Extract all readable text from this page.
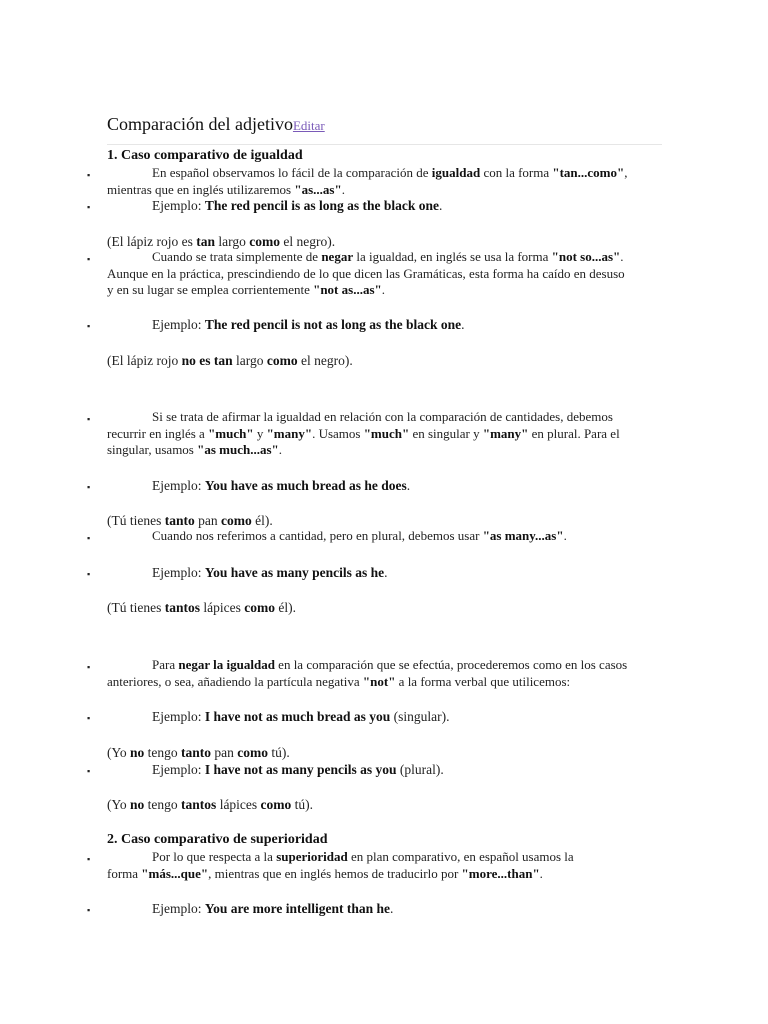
Comparación del adjetivoEditar
1. Caso comparativo de igualdad
▪	En español observamos lo fácil de la comparación de igualdad con la forma "tan...como",
mientras que en inglés utilizaremos "as...as".
▪	Ejemplo: The red pencil is as long as the black one.
(El lápiz rojo es tan largo como el negro).
▪	Cuando se trata simplemente de negar la igualdad, en inglés se usa la forma "not so...as".
Aunque en la práctica, prescindiendo de lo que dicen las Gramáticas, esta forma ha caído en desuso
y en su lugar se emplea corrientemente "not as...as".
▪	Ejemplo: The red pencil is not as long as the black one.
(El lápiz rojo no es tan largo como el negro).
▪	Si se trata de afirmar la igualdad en relación con la comparación de cantidades, debemos
recurrir en inglés a "much" y "many". Usamos "much" en singular y "many" en plural. Para el
singular, usamos "as much...as".
▪	Ejemplo: You have as much bread as he does.
(Tú tienes tanto pan como él).
▪	Cuando nos referimos a cantidad, pero en plural, debemos usar "as many...as".
▪	Ejemplo: You have as many pencils as he.
(Tú tienes tantos lápices como él).
▪	Para negar la igualdad en la comparación que se efectúa, procederemos como en los casos
anteriores, o sea, añadiendo la partícula negativa "not" a la forma verbal que utilicemos:
▪	Ejemplo: I have not as much bread as you (singular).
(Yo no tengo tanto pan como tú).
▪	Ejemplo: I have not as many pencils as you (plural).
(Yo no tengo tantos lápices como tú).
2. Caso comparativo de superioridad
▪	Por lo que respecta a la superioridad en plan comparativo, en español usamos la
forma "más...que", mientras que en inglés hemos de traducirlo por "more...than".
▪	Ejemplo: You are more intelligent than he.
